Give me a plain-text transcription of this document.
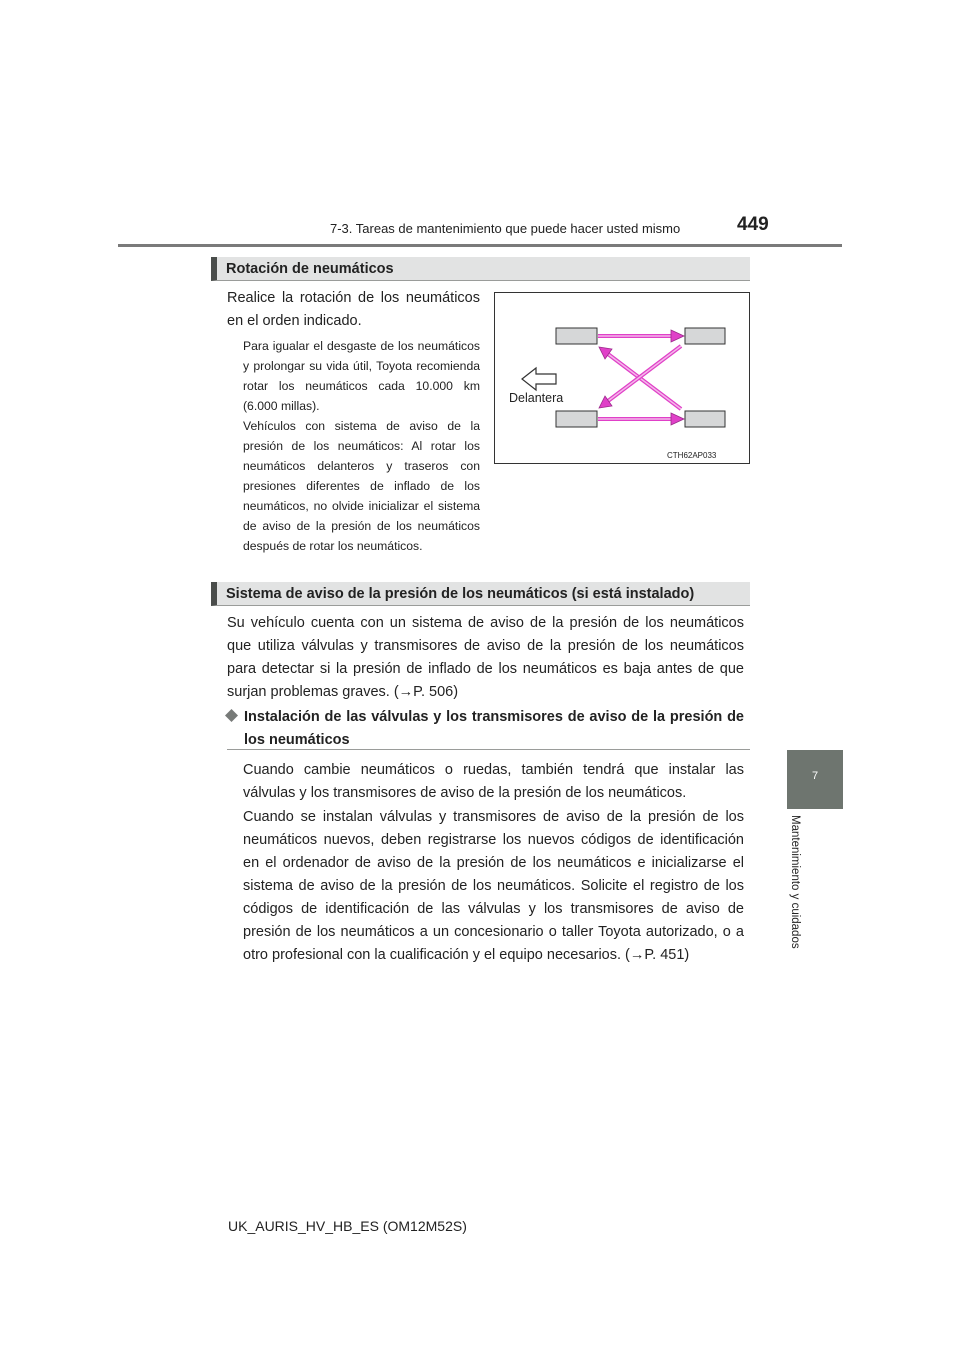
7-3. Tareas de mantenimiento que puede hacer usted mismo	449
7
Mantenimiento y cuidados
Rotación de neumáticos
Realice la rotación de los neumáticos en el orden indicado.
Para igualar el desgaste de los neumáticos y prolongar su vida útil, Toyota recomienda rotar los neumáticos cada 10.000 km (6.000 millas).
Vehículos con sistema de aviso de la presión de los neumáticos: Al rotar los neumáticos delanteros y traseros con presiones diferentes de inflado de los neumáticos, no olvide inicializar el sistema de aviso de la presión de los neumáticos después de rotar los neumáticos.
Delantera
CTH62AP033
Sistema de aviso de la presión de los neumáticos (si está instalado)
Su vehículo cuenta con un sistema de aviso de la presión de los neumáticos que utiliza válvulas y transmisores de aviso de la presión de los neumáticos para detectar si la presión de inflado de los neumáticos es baja antes de que surjan problemas graves. (→P. 506)
Instalación de las válvulas y los transmisores de aviso de la presión de los neumáticos
Cuando cambie neumáticos o ruedas, también tendrá que instalar las válvulas y los transmisores de aviso de la presión de los neumáticos.
Cuando se instalan válvulas y transmisores de aviso de la presión de los neumáticos nuevos, deben registrarse los nuevos códigos de identificación en el ordenador de aviso de la presión de los neumáticos e inicializarse el sistema de aviso de la presión de los neumáticos. Solicite el registro de los códigos de identificación de las válvulas y los transmisores de aviso de presión de los neumáticos a un concesionario o taller Toyota autorizado, o a otro profesional con la cualificación y el equipo necesarios. (→P. 451)
UK_AURIS_HV_HB_ES (OM12M52S)
